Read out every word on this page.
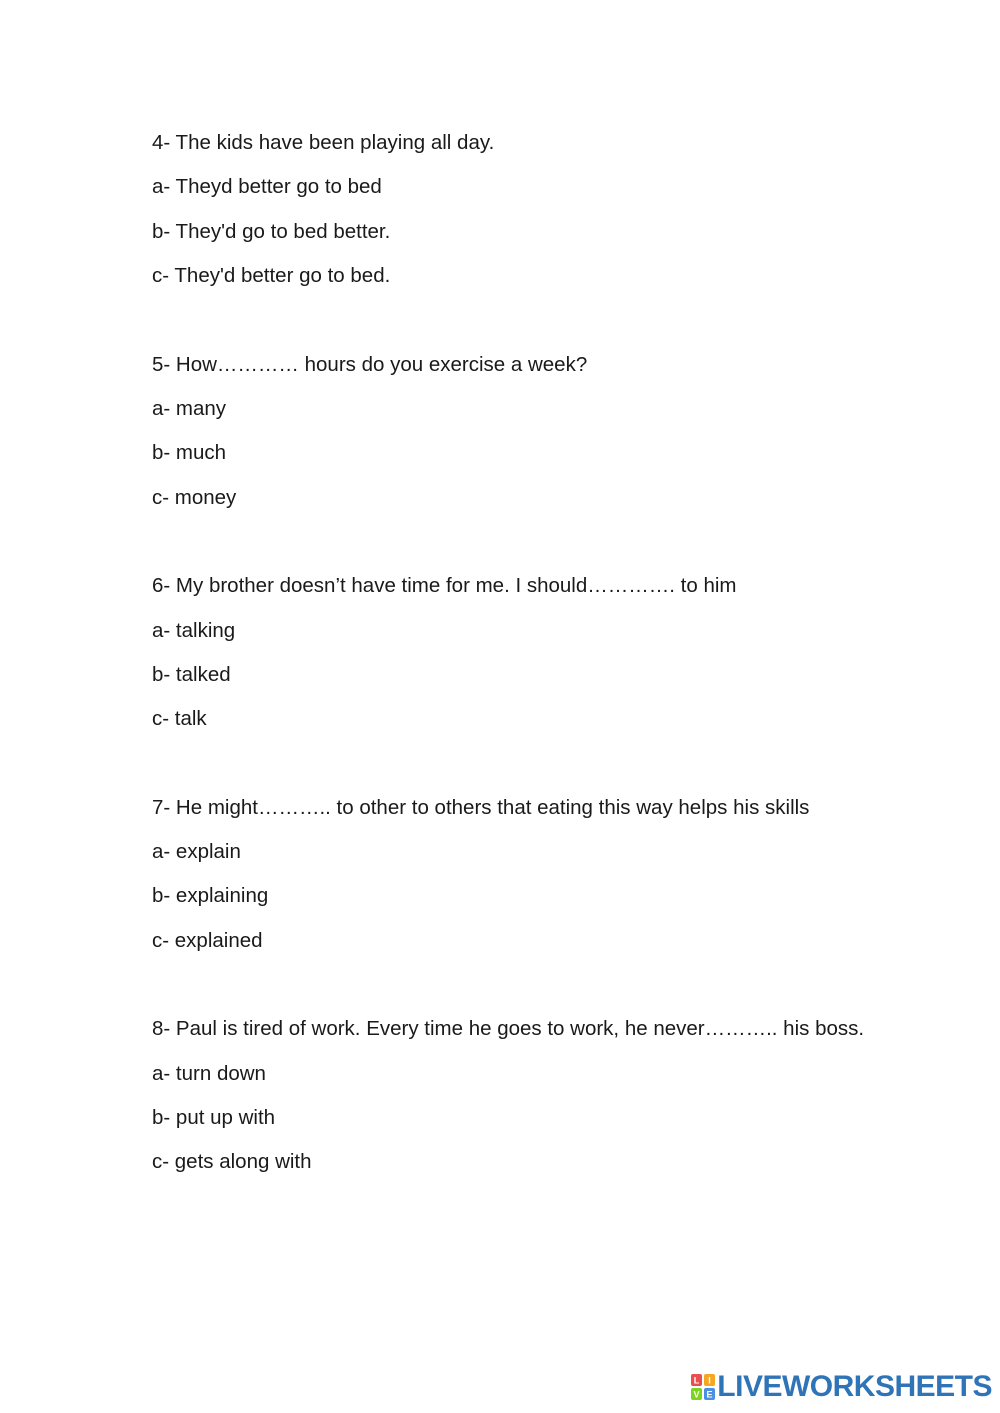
4- The kids have been playing all day.
a- Theyd better go to bed
b- They'd go to bed better.
c- They'd better go to bed.
5- How………… hours do you exercise a week?
a- many
b- much
c- money
6- My brother doesn’t have time for me. I should…………. to him
a- talking
b- talked
c- talk
7- He might……….. to other to others that eating this way helps his skills
a- explain
b- explaining
c- explained
8- Paul is tired of work. Every time he goes to work, he never……….. his boss.
a- turn down
b- put up with
c- gets along with
L I
V E LIVEWORKSHEETS
